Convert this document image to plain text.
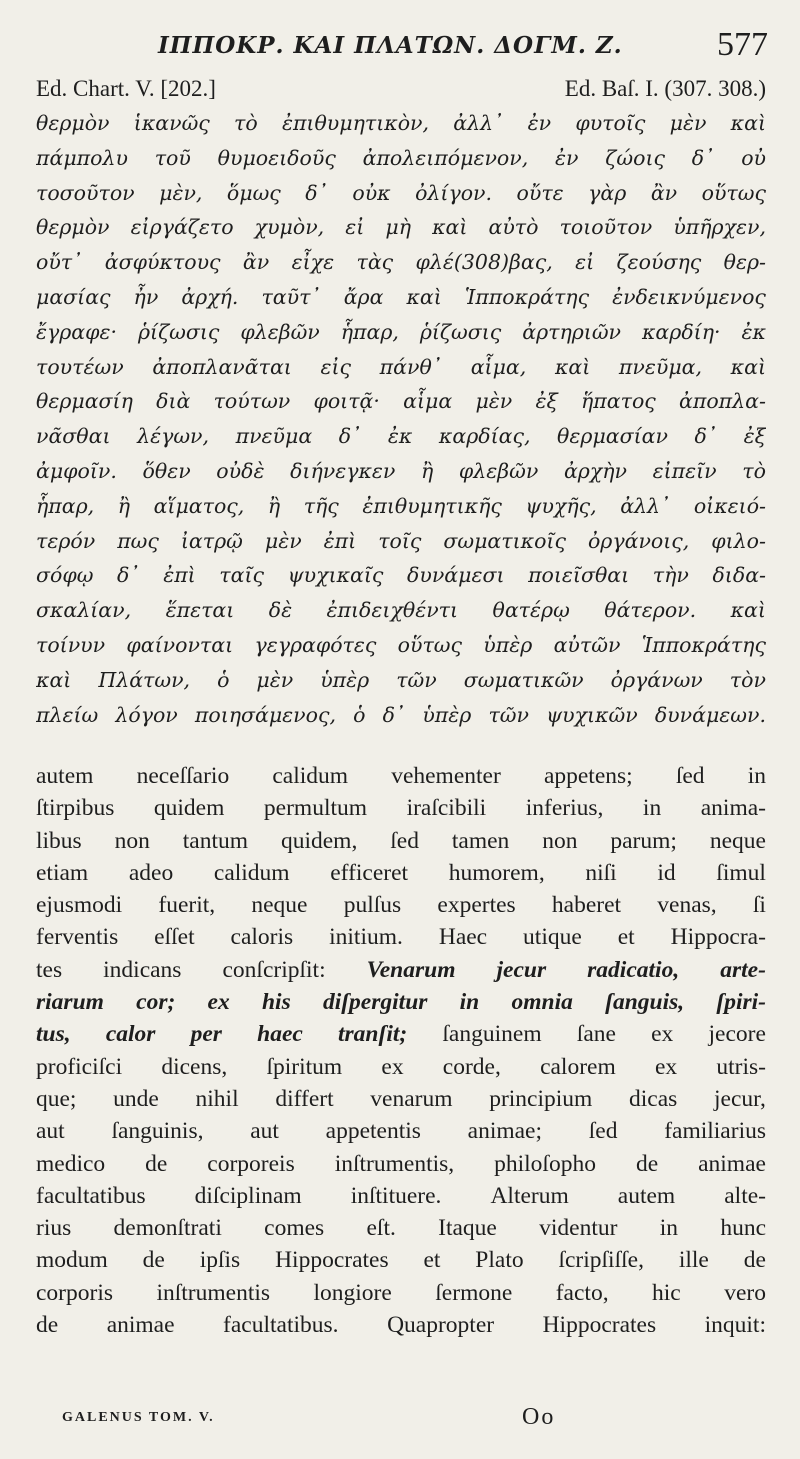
ΙΠΠΟΚΡ. ΚΑΙ ΠΛΑΤΩΝ. ΔΟΓΜ. Ζ.	577
Ed. Chart. V. [202.]	Ed. Baſ. I. (307. 308.)
θερμὸν ἱκανῶς τὸ ἐπιθυμητικὸν, ἀλλ᾽ ἐν φυτοῖς μὲν καὶ
πάμπολυ τοῦ θυμοειδοῦς ἀπολειπόμενον, ἐν ζώοις δ᾽ οὐ
τοσοῦτον μὲν, ὅμως δ᾽ οὐκ ὀλίγον. οὔτε γὰρ ἂν οὕτως
θερμὸν εἰργάζετο χυμὸν, εἰ μὴ καὶ αὐτὸ τοιοῦτον ὑπῆρχεν,
οὔτ᾽ ἀσφύκτους ἂν εἶχε τὰς φλέ(308)βας, εἰ ζεούσης θερ-
μασίας ἦν ἀρχή. ταῦτ᾽ ἄρα καὶ Ἱπποκράτης ἐνδεικνύμενος
ἔγραφε· ῥίζωσις φλεβῶν ἧπαρ, ῥίζωσις ἀρτηριῶν καρδίη· ἐκ
τουτέων ἀποπλανᾶται εἰς πάνθ᾽ αἷμα, καὶ πνεῦμα, καὶ
θερμασίη διὰ τούτων φοιτᾷ· αἷμα μὲν ἐξ ἥπατος ἀποπλα-
νᾶσθαι λέγων, πνεῦμα δ᾽ ἐκ καρδίας, θερμασίαν δ᾽ ἐξ
ἀμφοῖν. ὅθεν οὐδὲ διήνεγκεν ἢ φλεβῶν ἀρχὴν εἰπεῖν τὸ
ἧπαρ, ἢ αἵματος, ἢ τῆς ἐπιθυμητικῆς ψυχῆς, ἀλλ᾽ οἰκειό-
τερόν πως ἰατρῷ μὲν ἐπὶ τοῖς σωματικοῖς ὀργάνοις, φιλο-
σόφῳ δ᾽ ἐπὶ ταῖς ψυχικαῖς δυνάμεσι ποιεῖσθαι τὴν διδα-
σκαλίαν, ἕπεται δὲ ἐπιδειχθέντι θατέρῳ θάτερον. καὶ
τοίνυν φαίνονται γεγραφότες οὕτως ὑπὲρ αὐτῶν Ἱπποκράτης
καὶ Πλάτων, ὁ μὲν ὑπὲρ τῶν σωματικῶν ὀργάνων τὸν
πλείω λόγον ποιησάμενος, ὁ δ᾽ ὑπὲρ τῶν ψυχικῶν δυνάμεων.
autem neceſſario calidum vehementer appetens; ſed in
ſtirpibus quidem permultum iraſcibili inferius, in anima-
libus non tantum quidem, ſed tamen non parum; neque
etiam adeo calidum efficeret humorem, niſi id ſimul
ejusmodi fuerit, neque pulſus expertes haberet venas, ſi
ferventis eſſet caloris initium. Haec utique et Hippocra-
tes indicans conſcripſit: Venarum jecur radicatio, arte-
riarum cor; ex his diſpergitur in omnia ſanguis, ſpiri-
tus, calor per haec tranſit; ſanguinem ſane ex jecore
proficiſci dicens, ſpiritum ex corde, calorem ex utris-
que; unde nihil differt venarum principium dicas jecur,
aut ſanguinis, aut appetentis animae; ſed familiarius
medico de corporeis inſtrumentis, philoſopho de animae
facultatibus diſciplinam inſtituere. Alterum autem alte-
rius demonſtrati comes eſt. Itaque videntur in hunc
modum de ipſis Hippocrates et Plato ſcripſiſſe, ille de
corporis inſtrumentis longiore ſermone facto, hic vero
de animae facultatibus. Quapropter Hippocrates inquit:
GALENUS TOM. V.	Oo
